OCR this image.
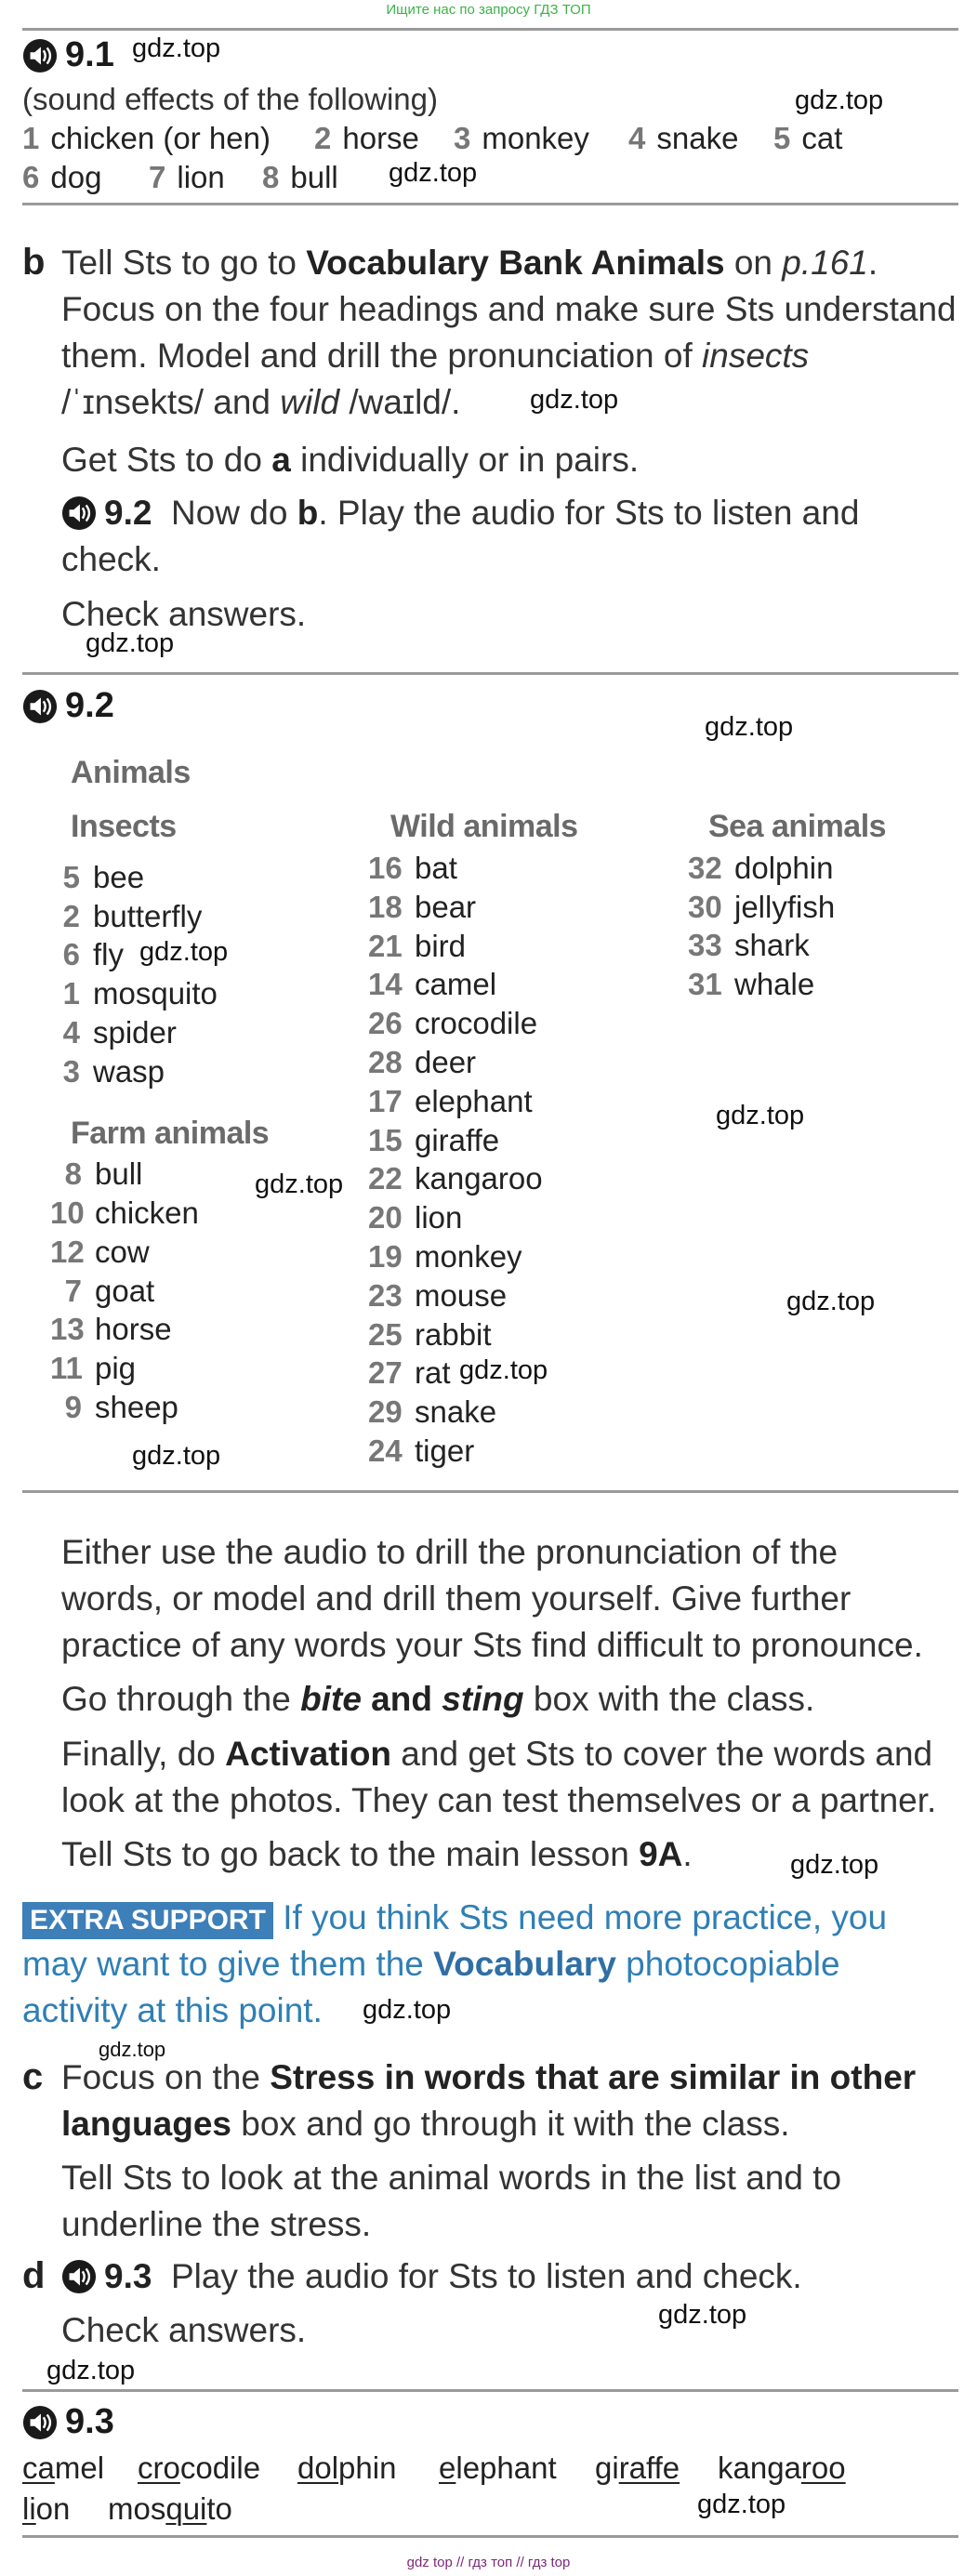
Ищите нас по запросу ГДЗ ТОП
9.1 gdz.top
(sound effects of the following)	gdz.top
1 chicken (or hen) 2 horse 3 monkey 4 snake 5 cat
6 dog 7 lion 8 bull gdz.top
b Tell Sts to go to Vocabulary Bank Animals on p.161.
Focus on the four headings and make sure Sts understand
them. Model and drill the pronunciation of insects
/ˈɪnsekts/ and wild /waɪld/.	gdz.top
Get Sts to do a individually or in pairs.
9.2  Now do b. Play the audio for Sts to listen and
check.
Check answers.
gdz.top
9.2
gdz.top
Animals
Insects
5 bee
2 butterfly
6 fly gdz.top
1 mosquito
4 spider
3 wasp
Farm animals
8 bull	gdz.top
10 chicken
12 cow
7 goat
13 horse
11 pig
9 sheep
gdz.top
Wild animals
16 bat
18 bear
21 bird
14 camel
26 crocodile
28 deer
17 elephant
15 giraffe
22 kangaroo
20 lion
19 monkey
23 mouse
25 rabbit
27 rat
29 snake
24 tiger
Sea animals
32 dolphin
30 jellyfish
33 shark
31 whale
gdz.top
gdz.top
gdz.top
Either use the audio to drill the pronunciation of the
words, or model and drill them yourself. Give further
practice of any words your Sts find difficult to pronounce.
Go through the bite and sting box with the class.
Finally, do Activation and get Sts to cover the words and
look at the photos. They can test themselves or a partner.
Tell Sts to go back to the main lesson 9A.	gdz.top
EXTRA SUPPORT If you think Sts need more practice, you
may want to give them the Vocabulary photocopiable
activity at this point.	gdz.top
gdz.top
c Focus on the Stress in words that are similar in other
languages box and go through it with the class.
Tell Sts to look at the animal words in the list and to
underline the stress.
d 9.3  Play the audio for Sts to listen and check.
gdz.top
Check answers.
gdz.top
9.3
camel crocodile dolphin elephant giraffe kangaroo
lion mosquito	gdz.top
gdz top // гдз топ // гдз top
